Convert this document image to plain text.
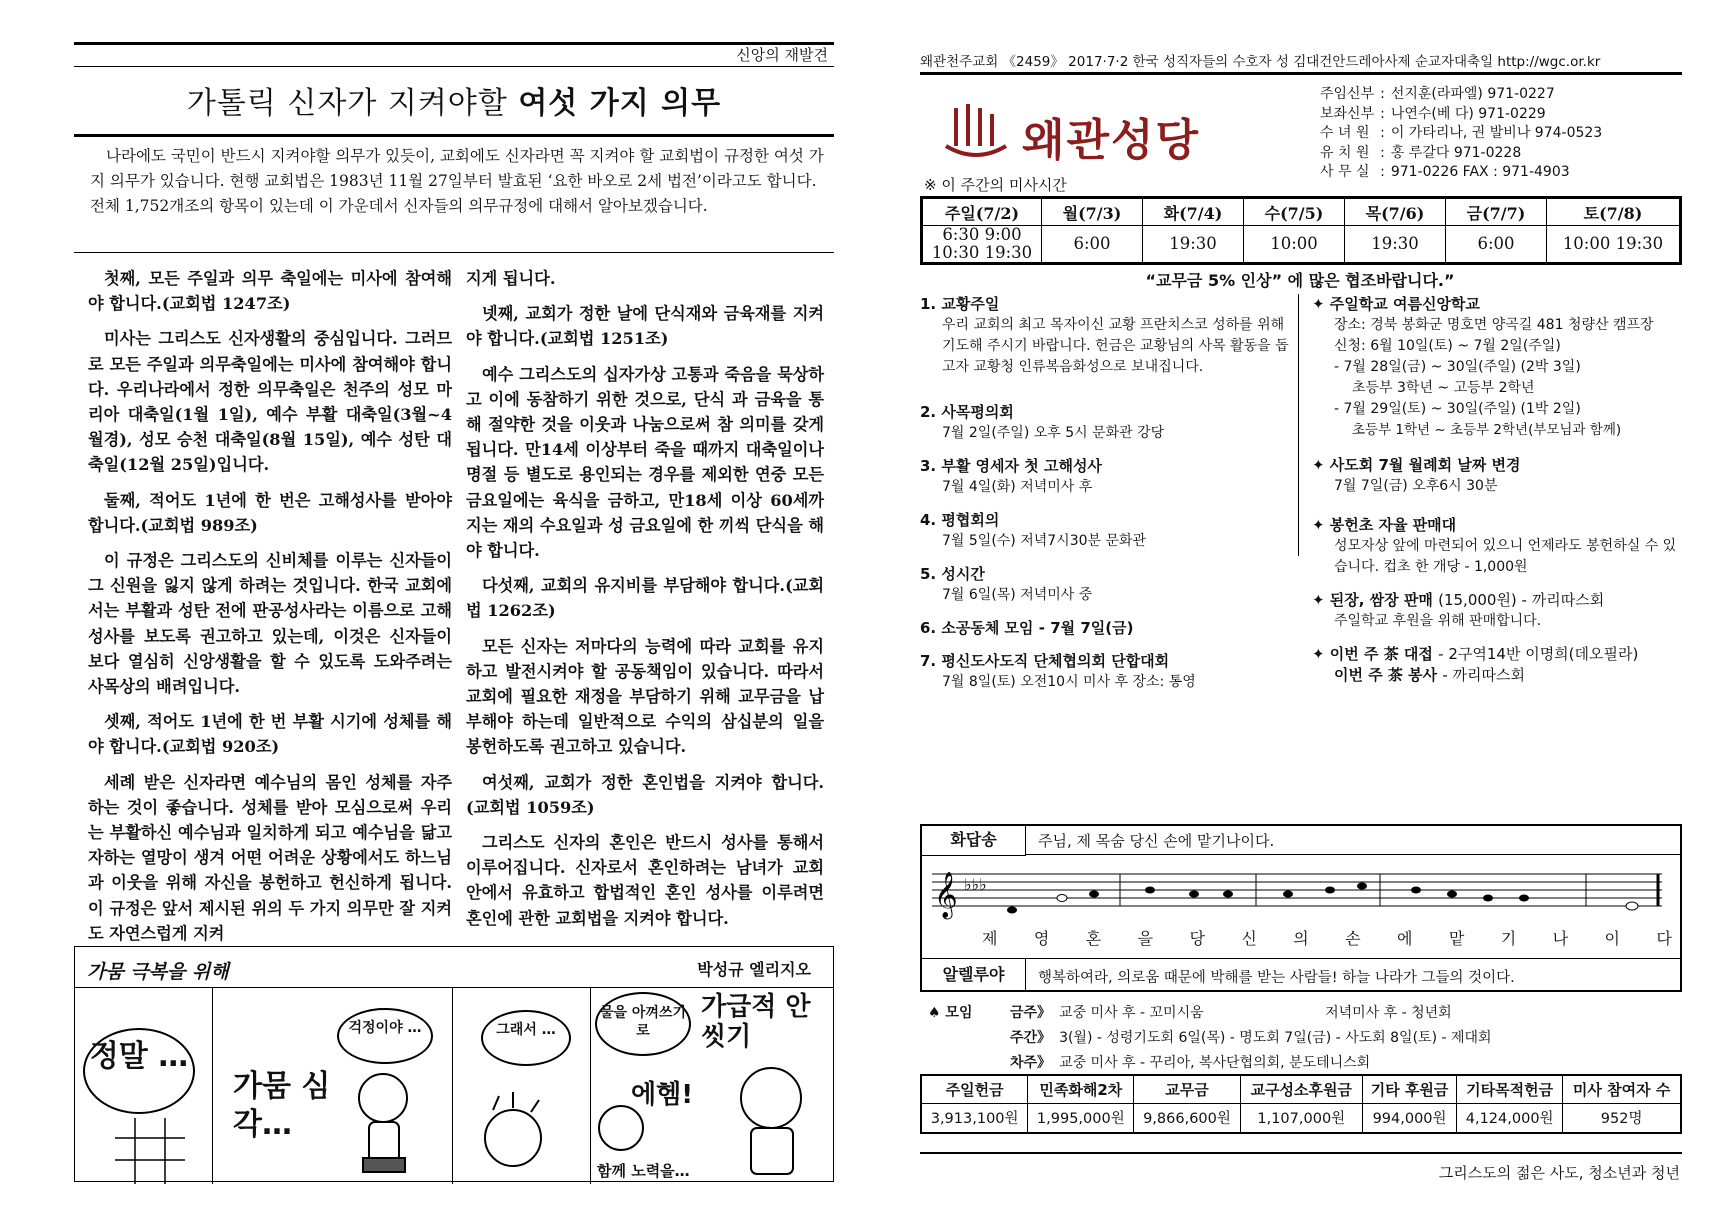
신앙의 재발견
가톨릭 신자가 지켜야할 여섯 가지 의무

나라에도 국민이 반드시 지켜야할 의무가 있듯이, 교회에도 신자라면 꼭 지켜야 할 교회법이 규정한 여섯 가지 의무가 있습니다. 현행 교회법은 1983년 11월 27일부터 발효된 ‘요한 바오로 2세 법전’이라고도 합니다. 전체 1,752개조의 항목이 있는데 이 가운데서 신자들의 의무규정에 대해서 알아보겠습니다.

첫째, 모든 주일과 의무 축일에는 미사에 참여해야 합니다.(교회법 1247조)

미사는 그리스도 신자생활의 중심입니다. 그러므로 모든 주일과 의무축일에는 미사에 참여해야 합니다. 우리나라에서 정한 의무축일은 천주의 성모 마리아 대축일(1월 1일), 예수 부활 대축일(3월~4월경), 성모 승천 대축일(8월 15일), 예수 성탄 대축일(12월 25일)입니다.

둘째, 적어도 1년에 한 번은 고해성사를 받아야 합니다.(교회법 989조)

이 규정은 그리스도의 신비체를 이루는 신자들이 그 신원을 잃지 않게 하려는 것입니다. 한국 교회에서는 부활과 성탄 전에 판공성사라는 이름으로 고해성사를 보도록 권고하고 있는데, 이것은 신자들이 보다 열심히 신앙생활을 할 수 있도록 도와주려는 사목상의 배려입니다.

셋째, 적어도 1년에 한 번 부활 시기에 성체를 해야 합니다.(교회법 920조)

세례 받은 신자라면 예수님의 몸인 성체를 자주 하는 것이 좋습니다. 성체를 받아 모심으로써 우리는 부활하신 예수님과 일치하게 되고 예수님을 닮고자하는 열망이 생겨 어떤 어려운 상황에서도 하느님과 이웃을 위해 자신을 봉헌하고 헌신하게 됩니다. 이 규정은 앞서 제시된 위의 두 가지 의무만 잘 지켜도 자연스럽게 지켜

지게 됩니다.

넷째, 교회가 정한 날에 단식재와 금육재를 지켜야 합니다.(교회법 1251조)

예수 그리스도의 십자가상 고통과 죽음을 묵상하고 이에 동참하기 위한 것으로, 단식 과 금육을 통해 절약한 것을 이웃과 나눔으로써 참 의미를 갖게 됩니다. 만14세 이상부터 죽을 때까지 대축일이나 명절 등 별도로 용인되는 경우를 제외한 연중 모든 금요일에는 육식을 금하고, 만18세 이상 60세까지는 재의 수요일과 성 금요일에 한 끼씩 단식을 해야 합니다.

다섯째, 교회의 유지비를 부담해야 합니다.(교회법 1262조)

모든 신자는 저마다의 능력에 따라 교회를 유지하고 발전시켜야 할 공동책임이 있습니다. 따라서 교회에 필요한 재정을 부담하기 위해 교무금을 납부해야 하는데 일반적으로 수익의 삼십분의 일을 봉헌하도록 권고하고 있습니다.

여섯째, 교회가 정한 혼인법을 지켜야 합니다.(교회법 1059조)

그리스도 신자의 혼인은 반드시 성사를 통해서 이루어집니다. 신자로서 혼인하려는 남녀가 교회 안에서 유효하고 합법적인 혼인 성사를 이루려면 혼인에 관한 교회법을 지켜야 합니다.

가뭄 극복을 위해	박성규 엘리지오
정말 …
가뭄 심각…
걱정이야 …	그래서 …
물을 아껴쓰기로
가급적 안씻기
에헴!
함께 노력을…
왜관천주교회 《2459》 2017·7·2 한국 성직자들의 수호자 성 김대건안드레아사제 순교자대축일 http://wgc.or.kr
왜관성당
주임신부	:	선지훈(라파엘) 971-0227
보좌신부	:	나연수(베 다) 971-0229
수 녀 원	:	이 가타리나, 권 발비나 974-0523
유 치 원	:	홍 루갈다 971-0228
사 무 실	:	971-0226 FAX : 971-4903
※ 이 주간의 미사시간
주일(7/2)	월(7/3)	화(7/4)	수(7/5)	목(7/6)	금(7/7)	토(7/8)

6:30 9:00
10:30 19:30	6:00	19:30	10:00	19:30	6:00	10:00 19:30
“교무금 5% 인상” 에 많은 협조바랍니다.”
1. 교황주일
우리 교회의 최고 목자이신 교황 프란치스코 성하를 위해 기도해 주시기 바랍니다. 헌금은 교황님의 사목 활동을 돕고자 교황청 인류복음화성으로 보내집니다.
2. 사목평의회
7월 2일(주일) 오후 5시 문화관 강당
3. 부활 영세자 첫 고해성사
7월 4일(화) 저녁미사 후
4. 평협회의
7월 5일(수) 저녁7시30분 문화관
5. 성시간
7월 6일(목) 저녁미사 중
6. 소공동체 모임 - 7월 7일(금)
7. 평신도사도직 단체협의회 단합대회
7월 8일(토) 오전10시 미사 후 장소: 통영
✦ 주일학교 여름신앙학교
장소: 경북 봉화군 명호면 양곡길 481 청량산 캠프장
신청: 6월 10일(토) ~ 7월 2일(주일)
- 7월 28일(금) ~ 30일(주일) (2박 3일)
초등부 3학년 ~ 고등부 2학년
- 7월 29일(토) ~ 30일(주일) (1박 2일)
초등부 1학년 ~ 초등부 2학년(부모님과 함께)
✦ 사도회 7월 월례회 날짜 변경
7월 7일(금) 오후6시 30분
✦ 봉헌초 자율 판매대
성모자상 앞에 마련되어 있으니 언제라도 봉헌하실 수 있습니다. 컵초 한 개당 - 1,000원
✦ 된장, 쌈장 판매 (15,000원) - 까리따스회
주일학교 후원을 위해 판매합니다.
✦ 이번 주 茶 대접 - 2구역14반 이명희(데오필라)
이번 주 茶 봉사 - 까리따스회
화답송	주님, 제 목숨 당신 손에 맡기나이다.
𝄞 ♭♭♭
제 영 혼 을 당 신 의 손 에 맡 기 나 이 다
알렐루야	행복하여라, 의로움 때문에 박해를 받는 사람들! 하늘 나라가 그들의 것이다.
♠ 모임	금주》	교중 미사 후 - 꼬미시움	저녁미사 후 - 청년회
	주간》	3(월) - 성령기도회 6일(목) - 명도회 7일(금) - 사도회 8일(토) - 제대회	
	차주》	교중 미사 후 - 꾸리아, 복사단협의회, 분도테니스회	
주일헌금	민족화해2차	교무금	교구성소후원금	기타 후원금	기타목적헌금	미사 참여자 수
3,913,100원	1,995,000원	9,866,600원	1,107,000원	994,000원	4,124,000원	952명
그리스도의 젊은 사도, 청소년과 청년
